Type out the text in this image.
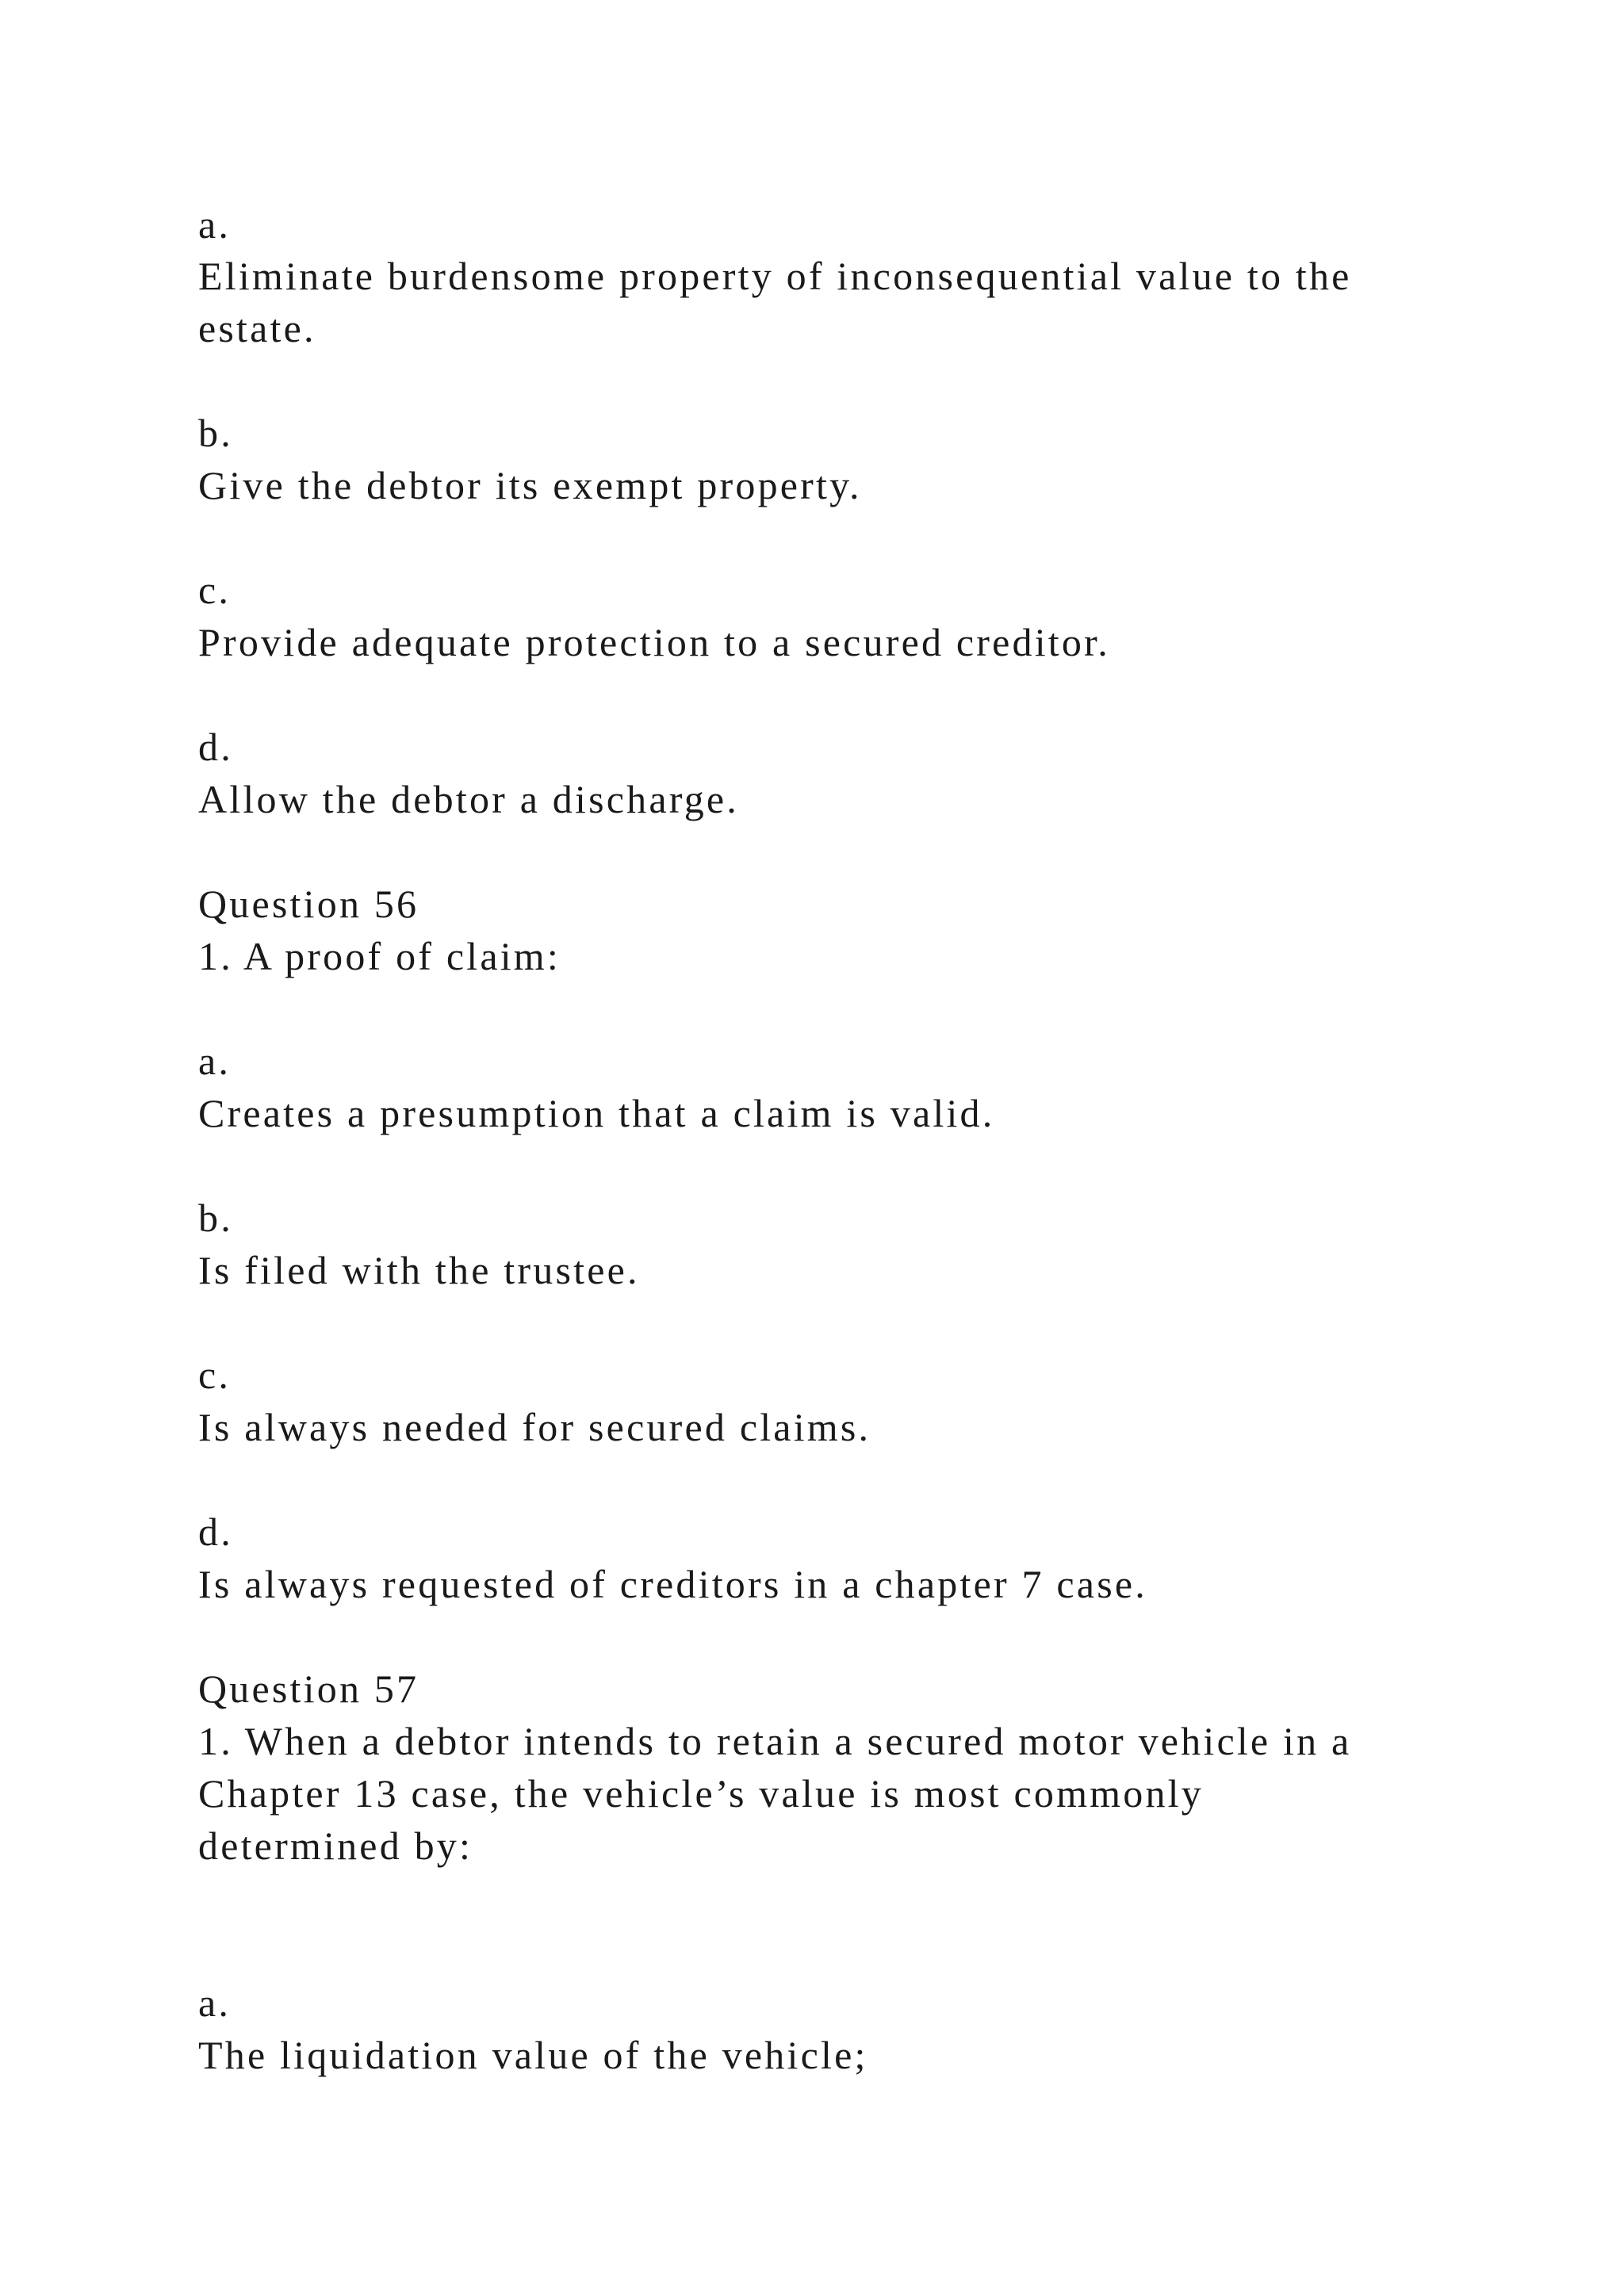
a.

Eliminate burdensome property of inconsequential value to the

estate.

b.

Give the debtor its exempt property.

c.

Provide adequate protection to a secured creditor.

d.

Allow the debtor a discharge.

Question 56

1. A proof of claim:

a.

Creates a presumption that a claim is valid.

b.

Is filed with the trustee.

c.

Is always needed for secured claims.

d.

Is always requested of creditors in a chapter 7 case.

Question 57

1. When a debtor intends to retain a secured motor vehicle in a

Chapter 13 case, the vehicle’s value is most commonly

determined by:

a.

The liquidation value of the vehicle;
